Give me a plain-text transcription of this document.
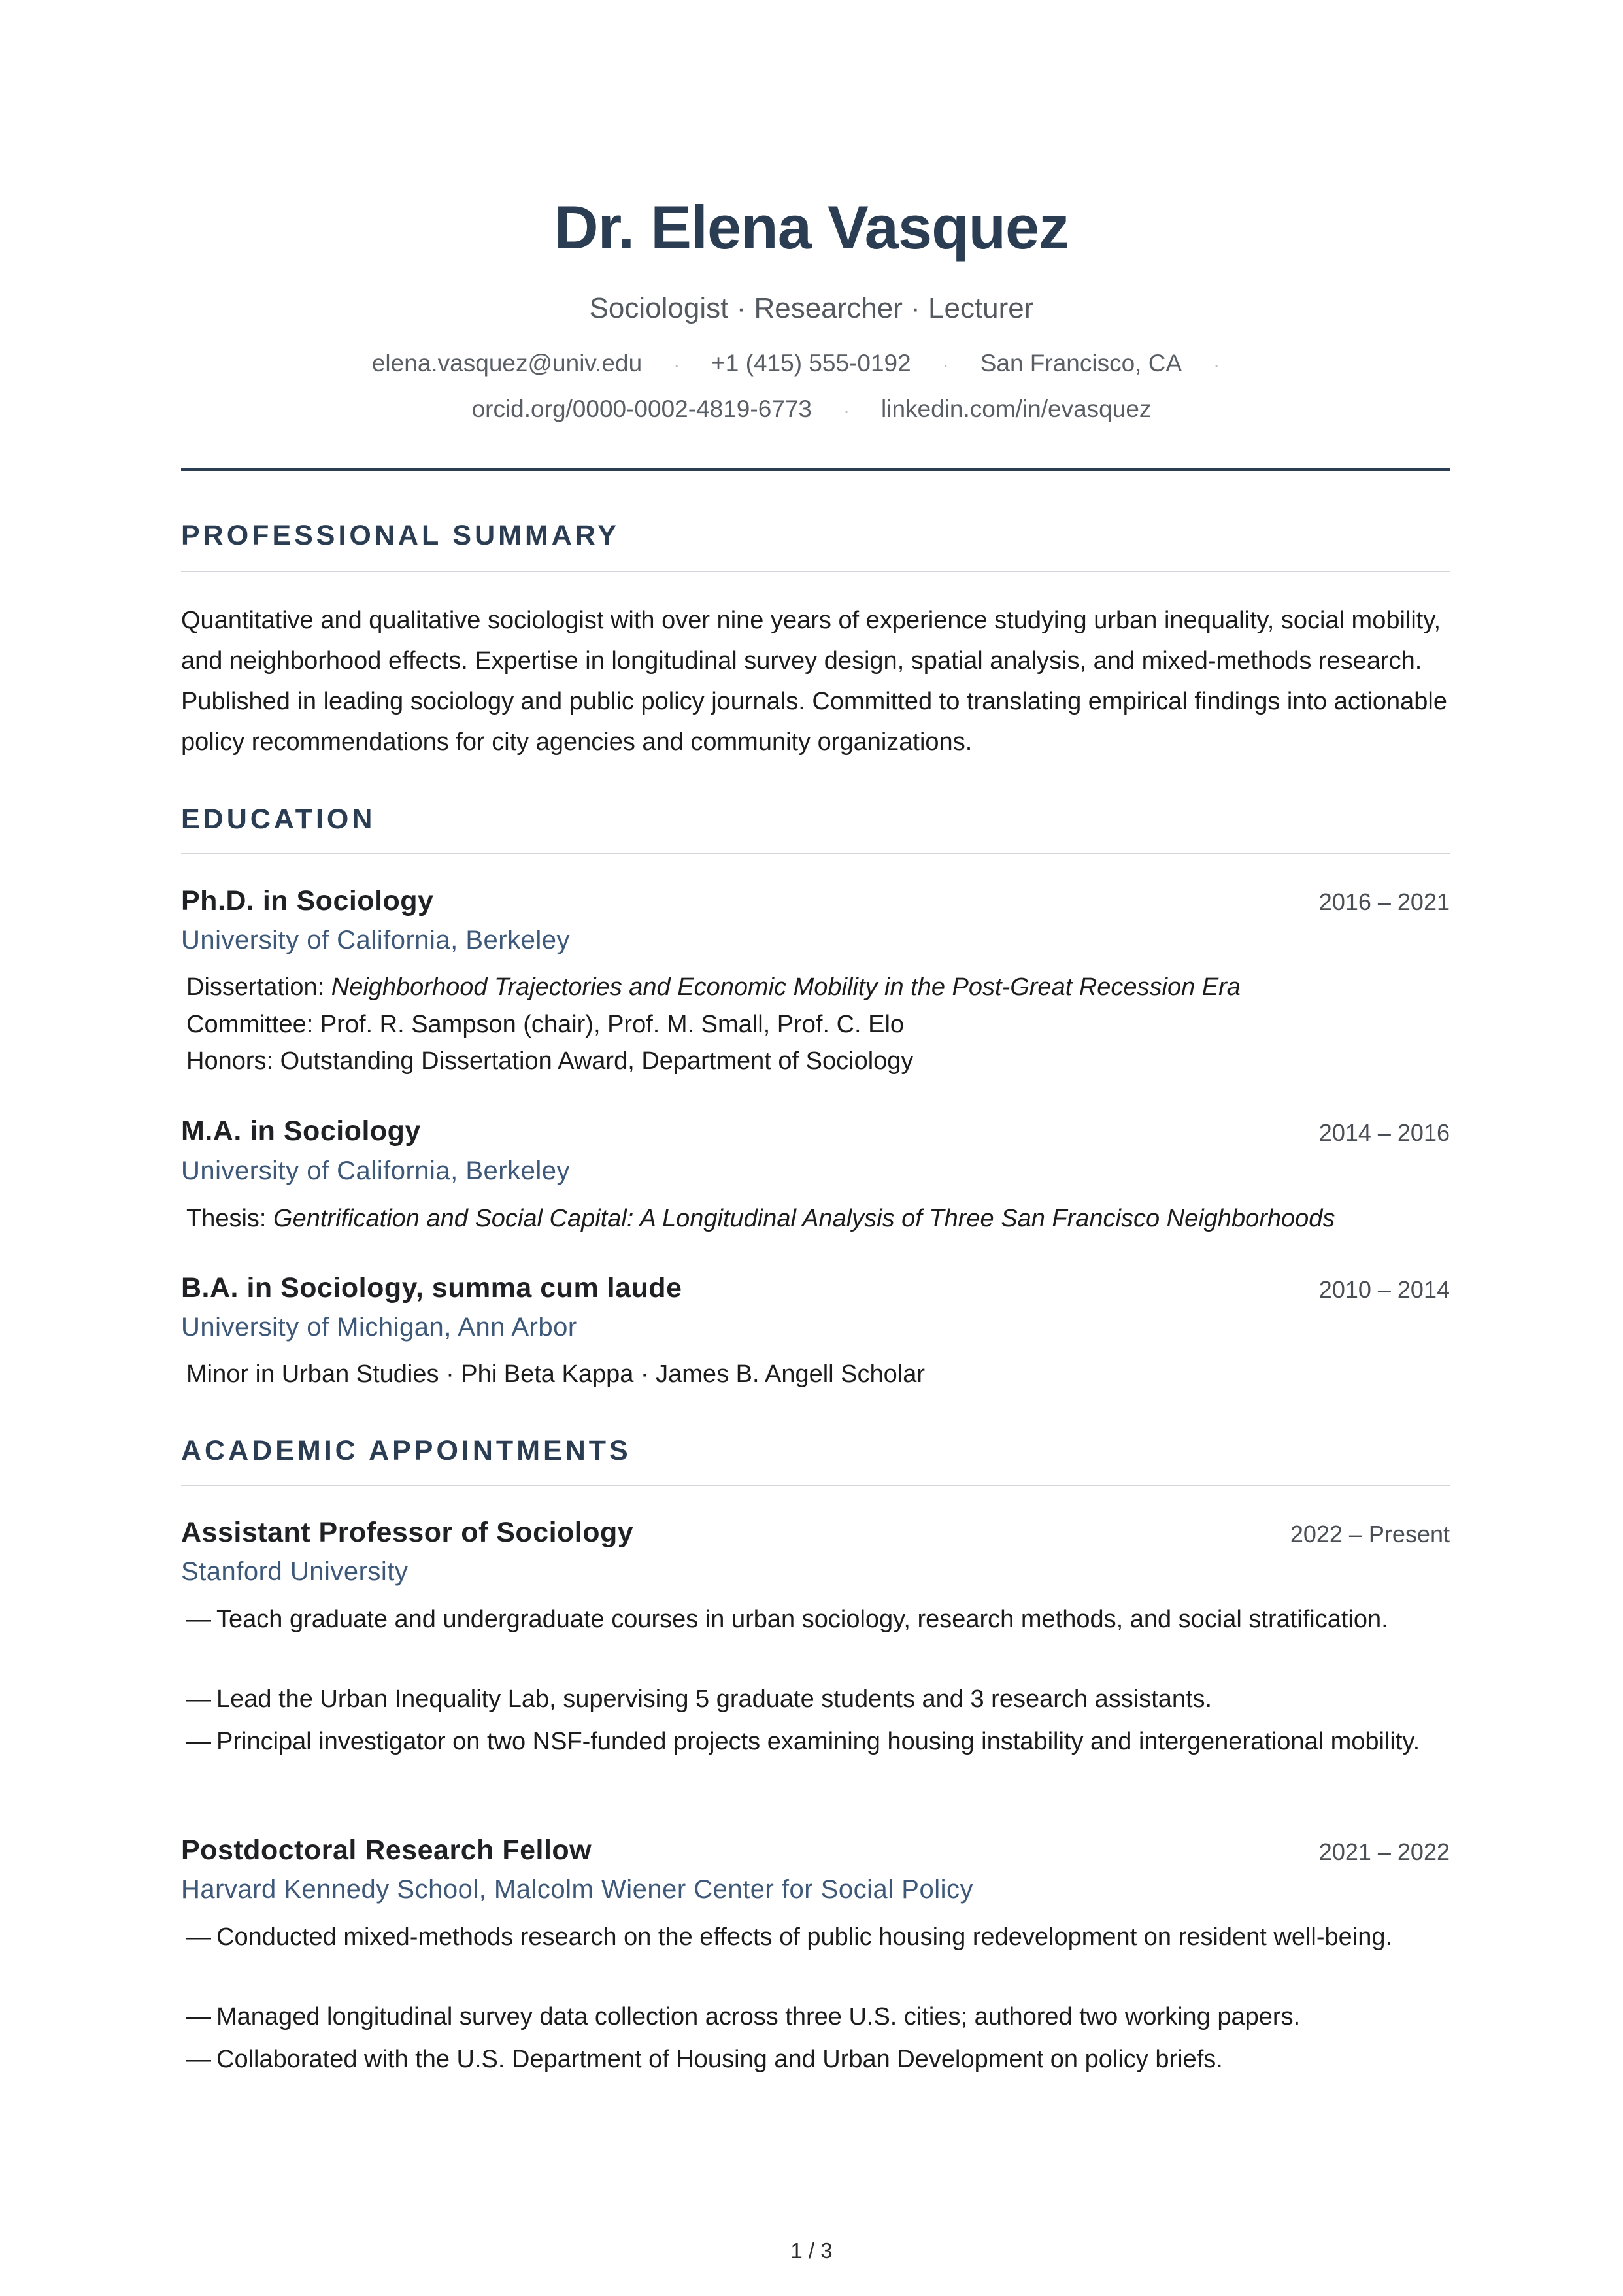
Dr. Elena Vasquez
Sociologist · Researcher · Lecturer
elena.vasquez@univ.edu · +1 (415) 555-0192 · San Francisco, CA ·
orcid.org/0000-0002-4819-6773 · linkedin.com/in/evasquez
PROFESSIONAL SUMMARY
Quantitative and qualitative sociologist with over nine years of experience studying urban inequality, social mobility, and neighborhood effects. Expertise in longitudinal survey design, spatial analysis, and mixed-methods research. Published in leading sociology and public policy journals. Committed to translating empirical findings into actionable policy recommendations for city agencies and community organizations.
EDUCATION
Ph.D. in Sociology	2016 – 2021
University of California, Berkeley
Dissertation: Neighborhood Trajectories and Economic Mobility in the Post-Great Recession Era
Committee: Prof. R. Sampson (chair), Prof. M. Small, Prof. C. Elo
Honors: Outstanding Dissertation Award, Department of Sociology
M.A. in Sociology	2014 – 2016
University of California, Berkeley
Thesis: Gentrification and Social Capital: A Longitudinal Analysis of Three San Francisco Neighborhoods
B.A. in Sociology, summa cum laude	2010 – 2014
University of Michigan, Ann Arbor
Minor in Urban Studies · Phi Beta Kappa · James B. Angell Scholar
ACADEMIC APPOINTMENTS
Assistant Professor of Sociology	2022 – Present
Stanford University
— Teach graduate and undergraduate courses in urban sociology, research methods, and social stratification.
— Lead the Urban Inequality Lab, supervising 5 graduate students and 3 research assistants.
— Principal investigator on two NSF-funded projects examining housing instability and intergenerational mobility.
Postdoctoral Research Fellow	2021 – 2022
Harvard Kennedy School, Malcolm Wiener Center for Social Policy
— Conducted mixed-methods research on the effects of public housing redevelopment on resident well-being.
— Managed longitudinal survey data collection across three U.S. cities; authored two working papers.
— Collaborated with the U.S. Department of Housing and Urban Development on policy briefs.
1 / 3
